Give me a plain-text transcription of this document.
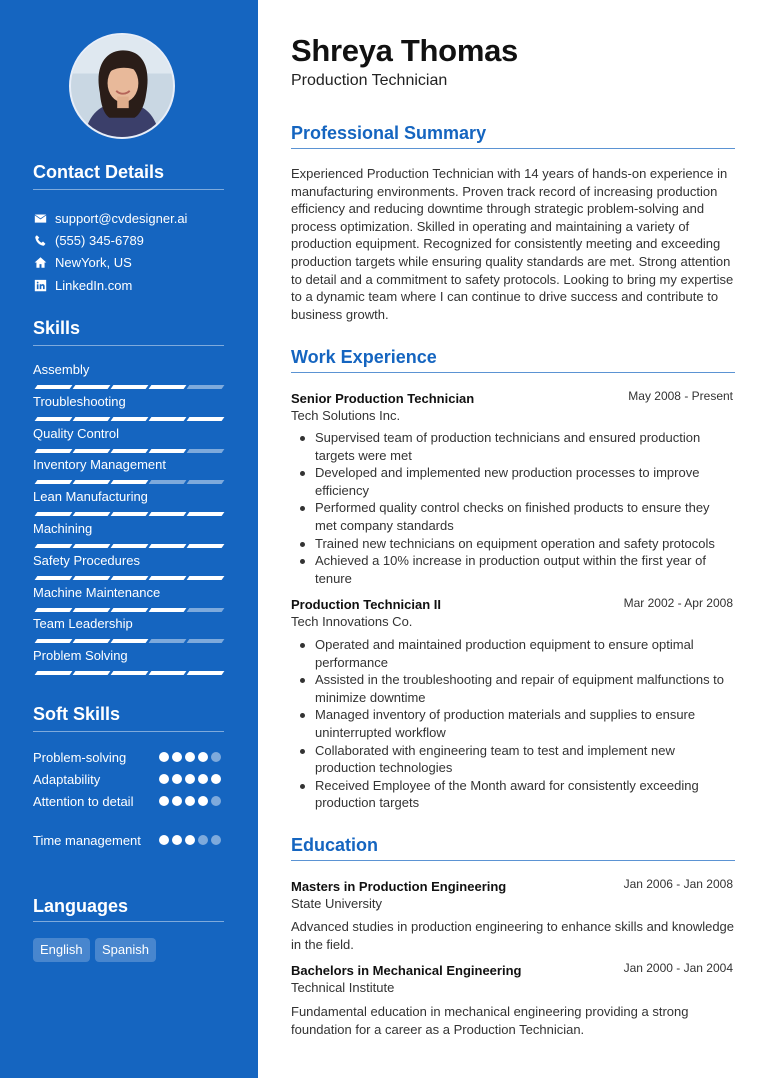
Contact Details
support@cvdesigner.ai
(555) 345-6789
NewYork, US
LinkedIn.com
Skills
Assembly
Troubleshooting
Quality Control
Inventory Management
Lean Manufacturing
Machining
Safety Procedures
Machine Maintenance
Team Leadership
Problem Solving
Soft Skills
Problem-solving
Adaptability
Attention to detail
Time management
Languages
English	Spanish
Shreya Thomas
Production Technician
Professional Summary
Experienced Production Technician with 14 years of hands-on experience in manufacturing environments. Proven track record of increasing production efficiency and reducing downtime through strategic problem-solving and process optimization. Skilled in operating and maintaining a variety of production equipment. Recognized for consistently meeting and exceeding production targets while ensuring quality standards are met. Strong attention to detail and a commitment to safety protocols. Looking to bring my expertise to a dynamic team where I can continue to drive success and contribute to business growth.
Work Experience
Senior Production Technician	May 2008 - Present
Tech Solutions Inc.
Supervised team of production technicians and ensured production targets were met
Developed and implemented new production processes to improve efficiency
Performed quality control checks on finished products to ensure they met company standards
Trained new technicians on equipment operation and safety protocols
Achieved a 10% increase in production output within the first year of tenure
Production Technician II	Mar 2002 - Apr 2008
Tech Innovations Co.
Operated and maintained production equipment to ensure optimal performance
Assisted in the troubleshooting and repair of equipment malfunctions to minimize downtime
Managed inventory of production materials and supplies to ensure uninterrupted workflow
Collaborated with engineering team to test and implement new production technologies
Received Employee of the Month award for consistently exceeding production targets
Education
Masters in Production Engineering	Jan 2006 - Jan 2008
State University
Advanced studies in production engineering to enhance skills and knowledge in the field.
Bachelors in Mechanical Engineering	Jan 2000 - Jan 2004
Technical Institute
Fundamental education in mechanical engineering providing a strong foundation for a career as a Production Technician.
